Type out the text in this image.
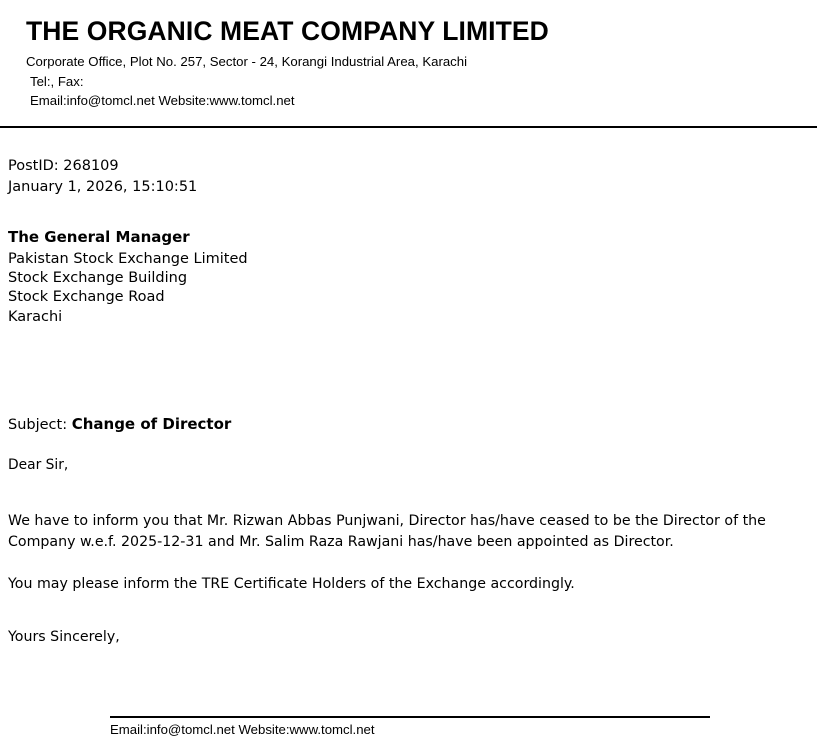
THE ORGANIC MEAT COMPANY LIMITED
Corporate Office, Plot No. 257, Sector - 24, Korangi Industrial Area, Karachi
Tel:, Fax:
Email:info@tomcl.net Website:www.tomcl.net
PostID: 268109
January 1, 2026, 15:10:51
The General Manager
Pakistan Stock Exchange Limited
Stock Exchange Building
Stock Exchange Road
Karachi
Subject: Change of Director
Dear Sir,
We have to inform you that Mr. Rizwan Abbas Punjwani, Director has/have ceased to be the Director of the Company w.e.f. 2025-12-31 and Mr. Salim Raza Rawjani has/have been appointed as Director.
You may please inform the TRE Certificate Holders of the Exchange accordingly.
Yours Sincerely,
Email:info@tomcl.net Website:www.tomcl.net
